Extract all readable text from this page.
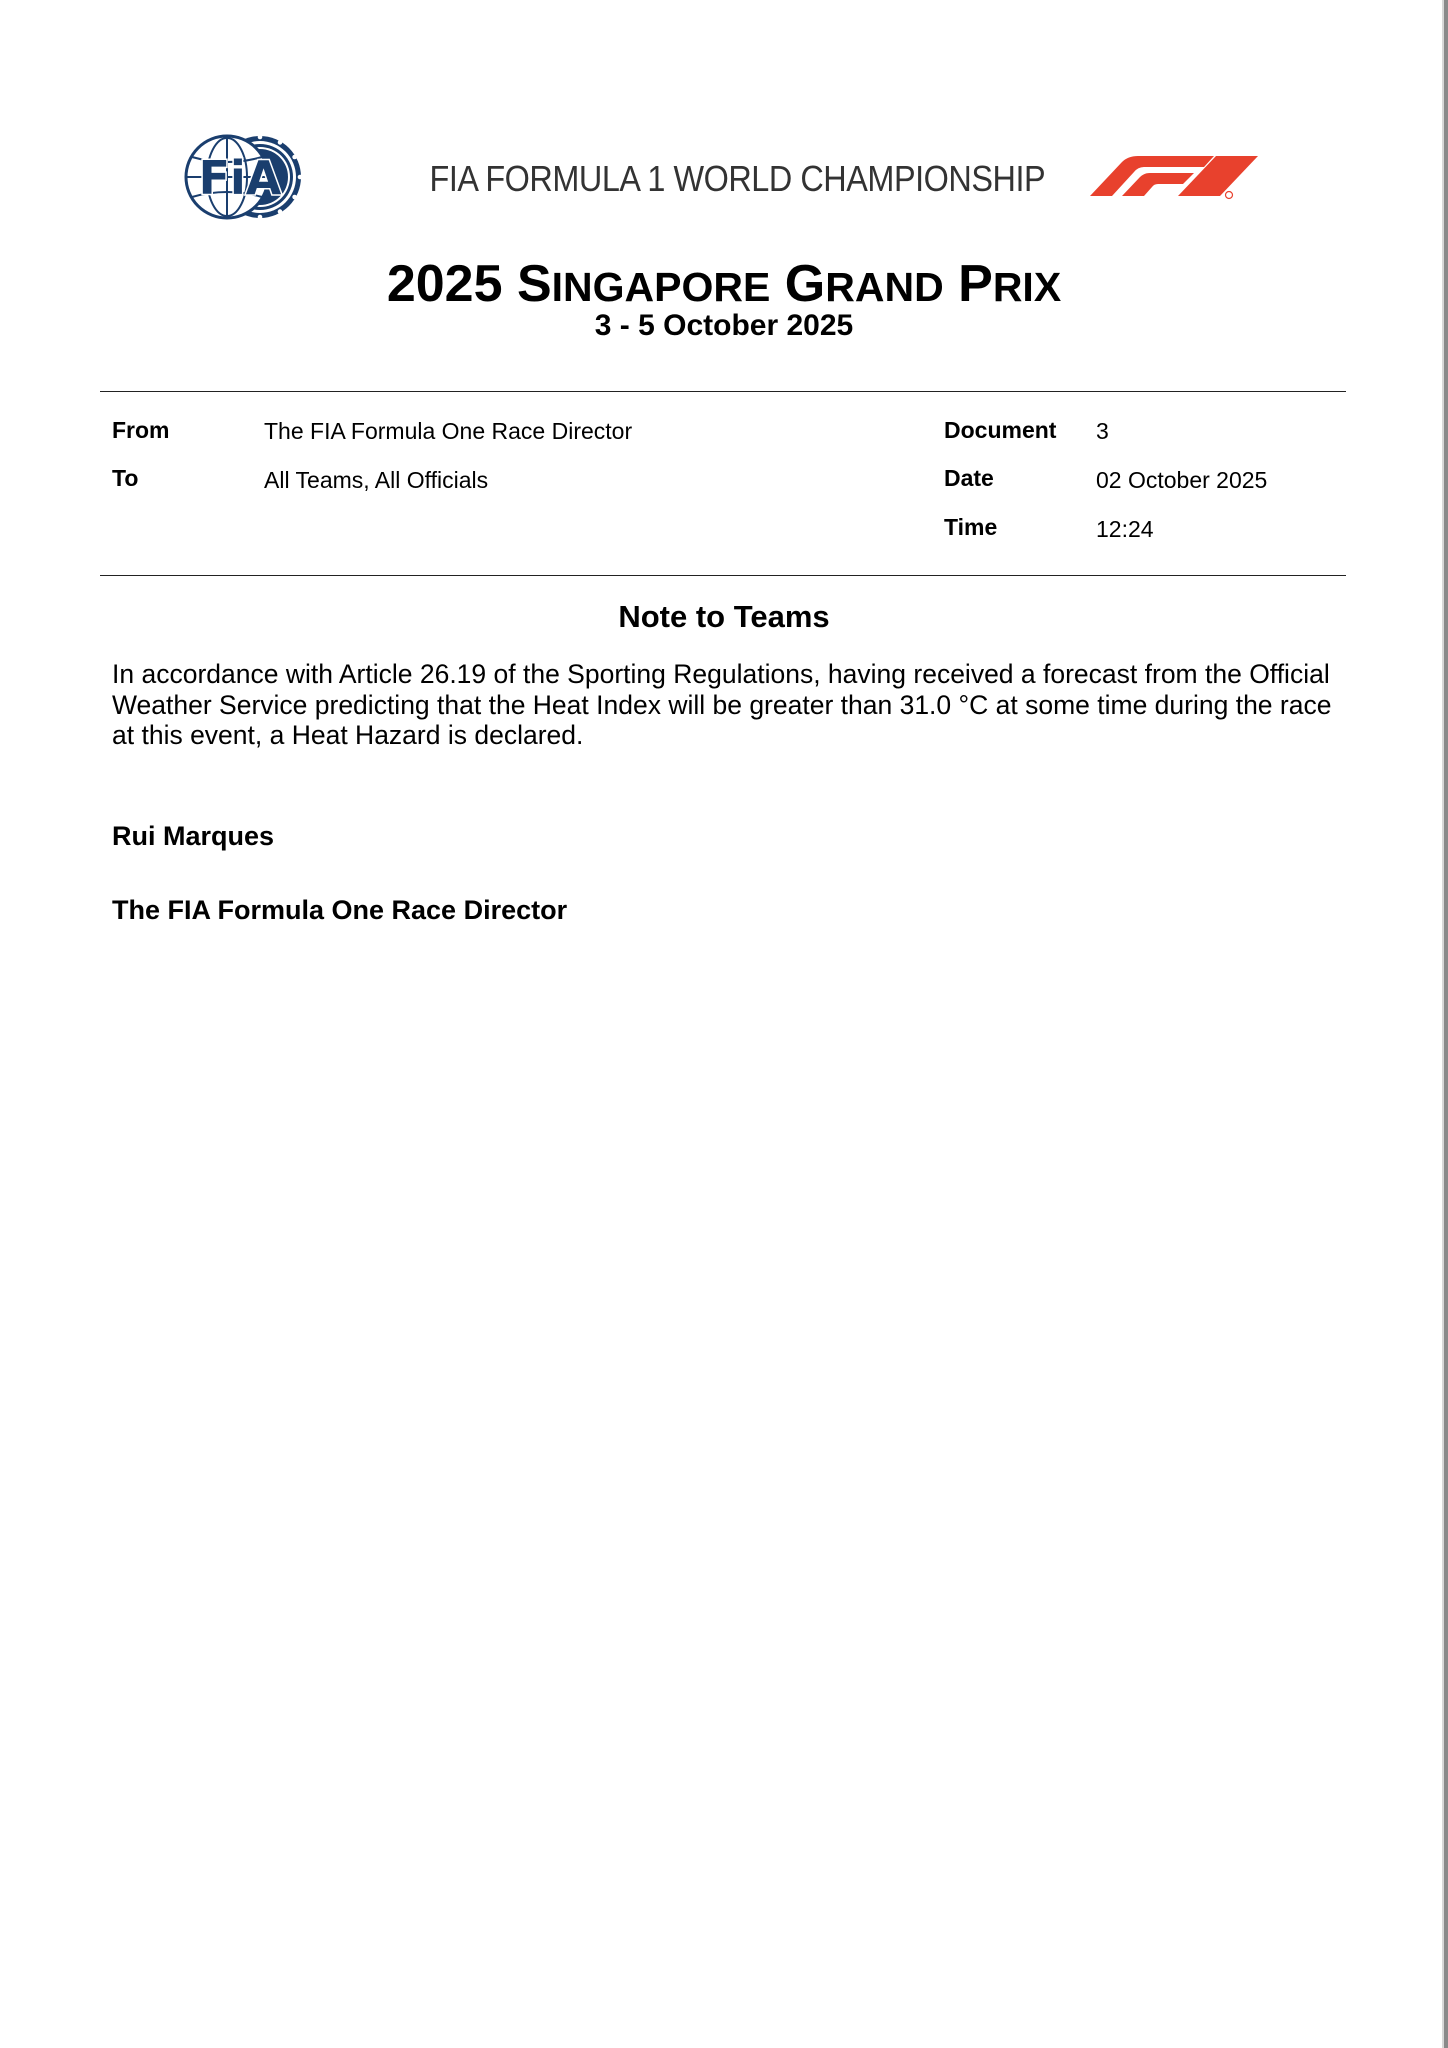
FiA	FIA FORMULA 1 WORLD CHAMPIONSHIP
2025 SINGAPORE GRAND PRIX
3 - 5 October 2025
From	The FIA Formula One Race Director
To	All Teams, All Officials
Document 3
Date	02 October 2025
Time	12:24
Note to Teams

In accordance with Article 26.19 of the Sporting Regulations, having received a forecast from the Official Weather Service predicting that the Heat Index will be greater than 31.0 °C at some time during the race at this event, a Heat Hazard is declared.

Rui Marques
The FIA Formula One Race Director
